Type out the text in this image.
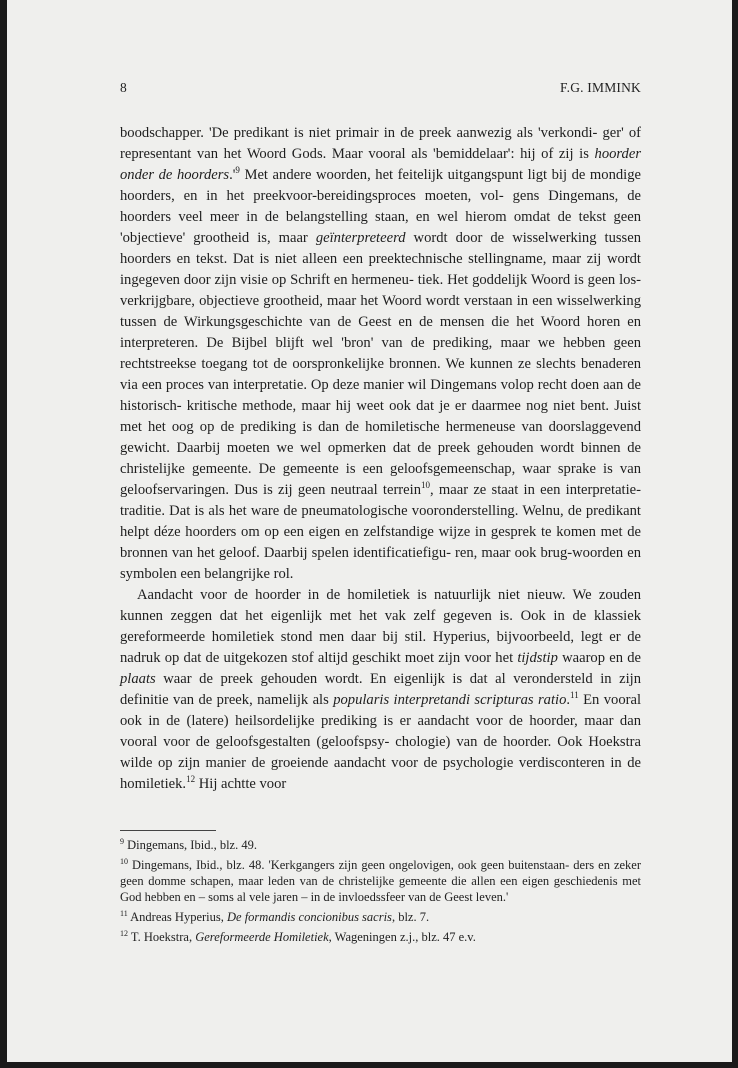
8	F.G. IMMINK

boodschapper. 'De predikant is niet primair in de preek aanwezig als 'verkondi- ger' of representant van het Woord Gods. Maar vooral als 'bemiddelaar': hij of zij is hoorder onder de $hoorders.'^9$ Met andere woorden, het feitelijk uitgangspunt ligt bij de mondige hoorders, en in het preekvoor-bereidingsproces moeten, vol- gens Dingemans, de hoorders veel meer in de belangstelling staan, en wel hierom omdat de tekst geen 'objectieve' grootheid is, maar geïnterpreteerd wordt door de wisselwerking tussen hoorders en tekst. Dat is niet alleen een preektechnische stellingname, maar zij wordt ingegeven door zijn visie op Schrift en hermeneu- tiek. Het goddelijk Woord is geen los-verkrijgbare, objectieve grootheid, maar het Woord wordt verstaan in een wisselwerking tussen de Wirkungsgeschichte van de Geest en de mensen die het Woord horen en interpreteren. De Bijbel blijft wel 'bron' van de prediking, maar we hebben geen rechtstreekse toegang tot de oorspronkelijke bronnen. We kunnen ze slechts benaderen via een proces van interpretatie. Op deze manier wil Dingemans volop recht doen aan de historisch- kritische methode, maar hij weet ook dat je er daarmee nog niet bent. Juist met het oog op de prediking is dan de homiletische hermeneuse van doorslaggevend gewicht. Daarbij moeten we wel opmerken dat de preek gehouden wordt binnen de christelijke gemeente. De gemeente is een geloofsgemeenschap, waar sprake is van geloofservaringen. Dus is zij geen neutraal terrein$^{10}$, maar ze staat in een interpretatie-traditie. Dat is als het ware de pneumatologische vooronderstelling. Welnu, de predikant helpt déze hoorders om op een eigen en zelfstandige wijze in gesprek te komen met de bronnen van het geloof. Daarbij spelen identificatiefigu- ren, maar ook brug-woorden en symbolen een belangrijke rol.

Aandacht voor de hoorder in de homiletiek is natuurlijk niet nieuw. We zouden kunnen zeggen dat het eigenlijk met het vak zelf gegeven is. Ook in de klassiek gereformeerde homiletiek stond men daar bij stil. Hyperius, bijvoorbeeld, legt er de nadruk op dat de uitgekozen stof altijd geschikt moet zijn voor het tijdstip waarop en de plaats waar de preek gehouden wordt. En eigenlijk is dat al verondersteld in zijn definitie van de preek, namelijk als popularis interpretandi scripturas ratio.$^{11}$ En vooral ook in de (latere) heilsordelijke prediking is er aandacht voor de hoorder, maar dan vooral voor de geloofsgestalten (geloofspsy- chologie) van de hoorder. Ook Hoekstra wilde op zijn manier de groeiende aandacht voor de psychologie verdisconteren in de homiletiek.$^{12}$ Hij achtte voor

$^9$ Dingemans, Ibid., blz. 49.

$^{10}$ Dingemans, Ibid., blz. 48. 'Kerkgangers zijn geen ongelovigen, ook geen buitenstaan- ders en zeker geen domme schapen, maar leden van de christelijke gemeente die allen een eigen geschiedenis met God hebben en – soms al vele jaren – in de invloedssfeer van de Geest leven.'

$^{11}$ Andreas Hyperius, De formandis concionibus sacris, blz. 7.

$^{12}$ T. Hoekstra, Gereformeerde Homiletiek, Wageningen z.j., blz. 47 e.v.
